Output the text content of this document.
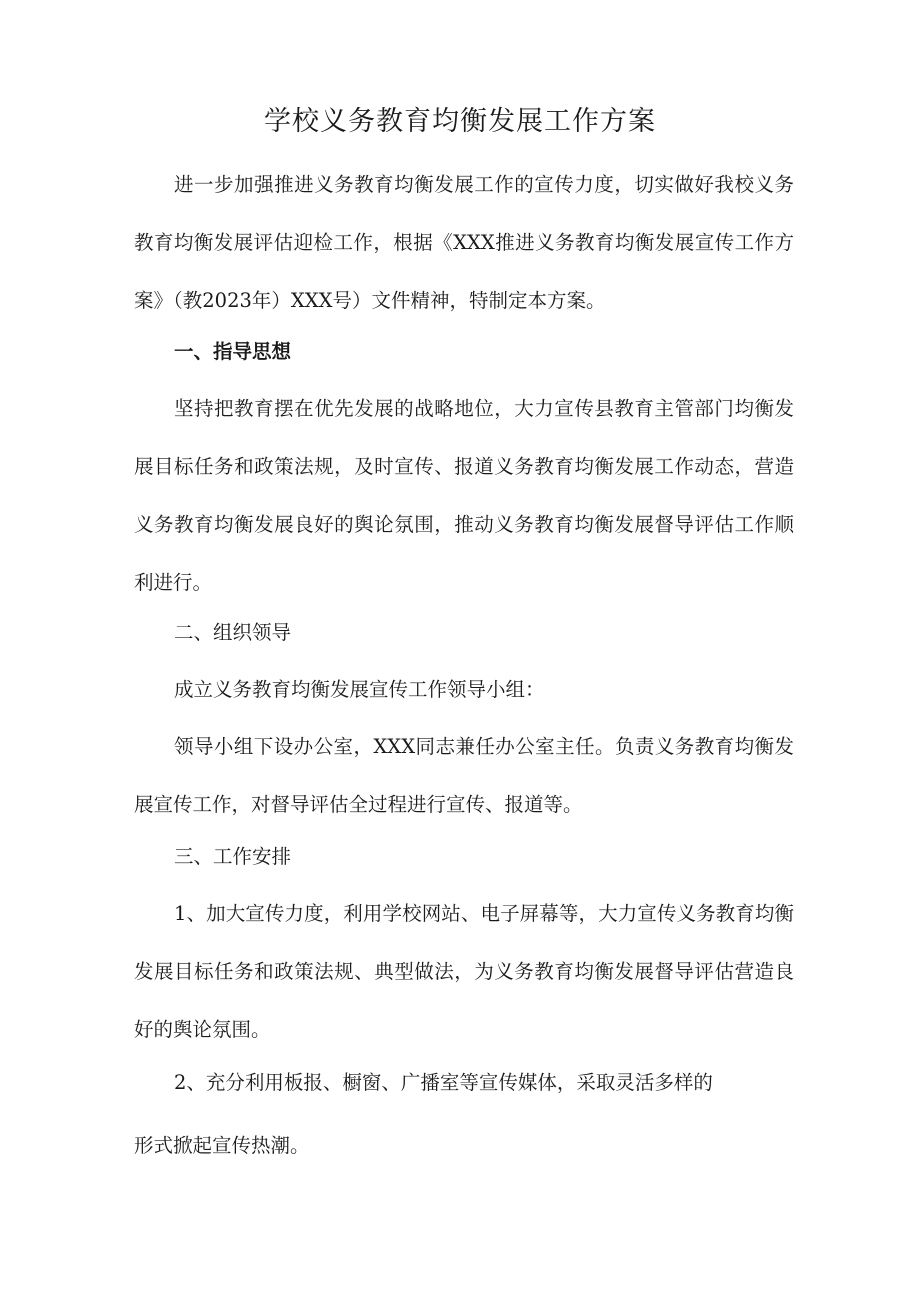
学校义务教育均衡发展工作方案
进一步加强推进义务教育均衡发展工作的宣传力度，切实做好我校义务教育均衡发展评估迎检工作，根据《XXX推进义务教育均衡发展宣传工作方案》（教2023年）XXX号）文件精神，特制定本方案。
一、指导思想
坚持把教育摆在优先发展的战略地位，大力宣传县教育主管部门均衡发展目标任务和政策法规，及时宣传、报道义务教育均衡发展工作动态，营造义务教育均衡发展良好的舆论氛围，推动义务教育均衡发展督导评估工作顺利进行。
二、组织领导
成立义务教育均衡发展宣传工作领导小组：
领导小组下设办公室，XXX同志兼任办公室主任。负责义务教育均衡发展宣传工作，对督导评估全过程进行宣传、报道等。
三、工作安排
1、加大宣传力度，利用学校网站、电子屏幕等，大力宣传义务教育均衡发展目标任务和政策法规、典型做法，为义务教育均衡发展督导评估营造良好的舆论氛围。
2、充分利用板报、橱窗、广播室等宣传媒体，采取灵活多样的
形式掀起宣传热潮。
